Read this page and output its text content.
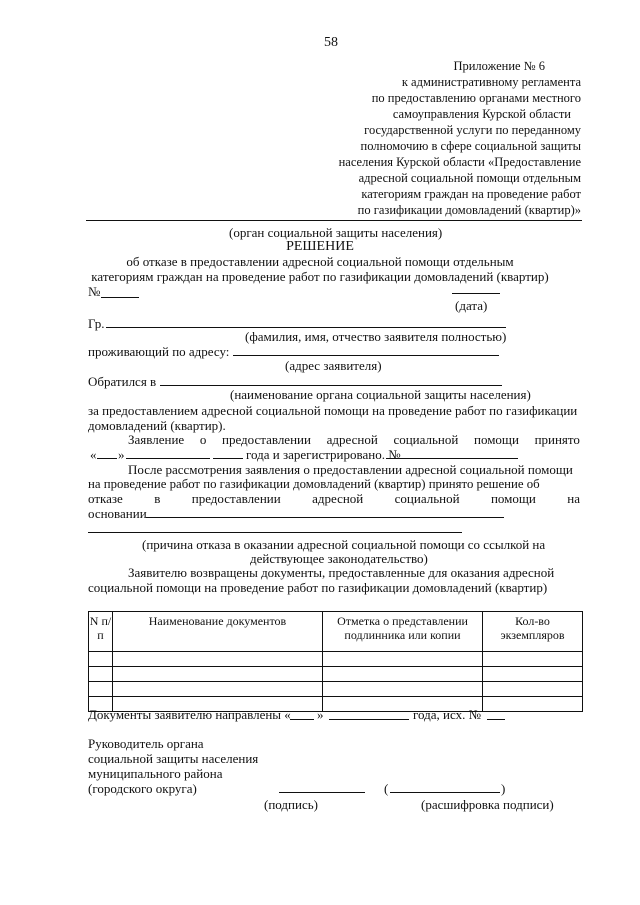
58
Приложение № 6
к административному регламента
по предоставлению органами местного
самоуправления Курской области
государственной услуги по переданному
полномочию в сфере социальной защиты
населения Курской области «Предоставление
адресной социальной помощи отдельным
категориям граждан на проведение работ
по газификации домовладений (квартир)»
(орган социальной защиты населения)
РЕШЕНИЕ
об отказе в предоставлении адресной социальной помощи отдельным
категориям граждан на проведение работ по газификации домовладений (квартир)
№
(дата)
Гр.
(фамилия, имя, отчество заявителя полностью)
проживающий по адресу:
(адрес заявителя)
Обратился в
(наименование органа социальной защиты населения)
за предоставлением адресной социальной помощи на проведение работ по газификации
домовладений (квартир).
Заявление о предоставлении адресной социальной помощи принято
« »	года и зарегистрировано. №
После рассмотрения заявления о предоставлении адресной социальной помощи
на проведение работ по газификации домовладений (квартир) принято решение об
отказе в предоставлении адресной социальной помощи на
основании
(причина отказа в оказании адресной социальной помощи со ссылкой на
действующее законодательство)
Заявителю возвращены документы, предоставленные для оказания адресной
социальной помощи на проведение работ по газификации домовладений (квартир)
N п/п	Наименование документов	Отметка о представлении подлинника или копии	Кол-во экземпляров

Документы заявителю направлены « »	года, исх. №
Руководитель органа
социальной защиты населения
муниципального района
(городского округа)	(	)
(подпись)	(расшифровка подписи)
